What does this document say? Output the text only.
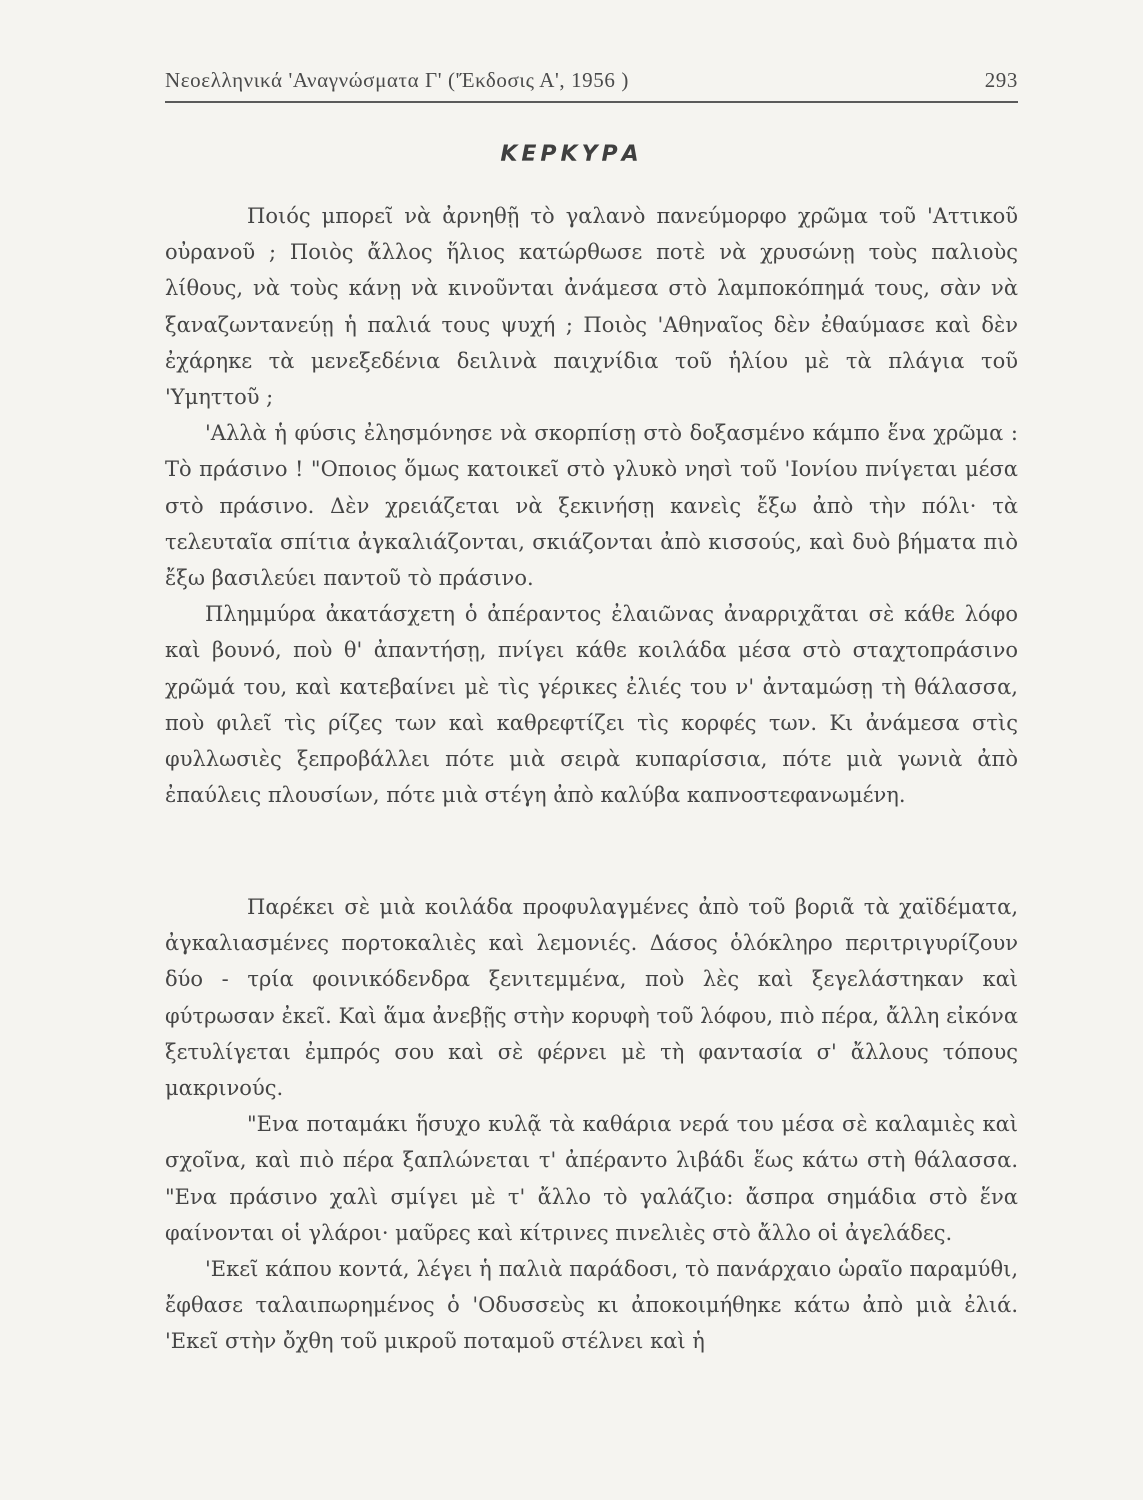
Νεοελληνικά 'Αναγνώσματα Γ' ('Έκδοσις Α', 1956 )	293
ΚΕΡΚΥΡΑ

Ποιός μπορεῖ νὰ ἀρνηθῇ τὸ γαλανὸ πανεύμορφο χρῶμα τοῦ 'Αττικοῦ οὐρανοῦ ; Ποιὸς ἄλλος ἥλιος κατώρθωσε ποτὲ νὰ χρυσώνῃ τοὺς παλιοὺς λίθους, νὰ τοὺς κάνῃ νὰ κινοῦνται ἀνάμεσα στὸ λαμποκόπημά τους, σὰν νὰ ξαναζωντανεύῃ ἡ παλιά τους ψυχή ; Ποιὸς 'Αθηναῖος δὲν ἐθαύμασε καὶ δὲν ἐχάρηκε τὰ μενεξεδένια δειλινὰ παιχνίδια τοῦ ἡλίου μὲ τὰ πλάγια τοῦ 'Υμηττοῦ ;

'Αλλὰ ἡ φύσις ἐλησμόνησε νὰ σκορπίσῃ στὸ δοξασμένο κάμπο ἕνα χρῶμα : Τὸ πράσινο ! "Οποιος ὅμως κατοικεῖ στὸ γλυκὸ νησὶ τοῦ 'Ιονίου πνίγεται μέσα στὸ πράσινο. Δὲν χρειάζεται νὰ ξεκινήσῃ κανεὶς ἔξω ἀπὸ τὴν πόλι· τὰ τελευταῖα σπίτια ἀγκαλιάζονται, σκιάζονται ἀπὸ κισσούς, καὶ δυὸ βήματα πιὸ ἔξω βασιλεύει παντοῦ τὸ πράσινο.

Πλημμύρα ἀκατάσχετη ὁ ἀπέραντος ἐλαιῶνας ἀναρριχᾶται σὲ κάθε λόφο καὶ βουνό, ποὺ θ' ἀπαντήσῃ, πνίγει κάθε κοιλάδα μέσα στὸ σταχτοπράσινο χρῶμά του, καὶ κατεβαίνει μὲ τὶς γέρικες ἐλιές του ν' ἀνταμώσῃ τὴ θάλασσα, ποὺ φιλεῖ τὶς ρίζες των καὶ καθρεφτίζει τὶς κορφές των. Κι ἀνάμεσα στὶς φυλλωσιὲς ξεπροβάλλει πότε μιὰ σειρὰ κυπαρίσσια, πότε μιὰ γωνιὰ ἀπὸ ἐπαύλεις πλουσίων, πότε μιὰ στέγη ἀπὸ καλύβα καπνοστεφανωμένη.

Παρέκει σὲ μιὰ κοιλάδα προφυλαγμένες ἀπὸ τοῦ βοριᾶ τὰ χαϊδέματα, ἀγκαλιασμένες πορτοκαλιὲς καὶ λεμονιές. Δάσος ὁλόκληρο περιτριγυρίζουν δύο - τρία φοινικόδενδρα ξενιτεμμένα, ποὺ λὲς καὶ ξεγελάστηκαν καὶ φύτρωσαν ἐκεῖ. Καὶ ἅμα ἀνεβῇς στὴν κορυφὴ τοῦ λόφου, πιὸ πέρα, ἄλλη εἰκόνα ξετυλίγεται ἐμπρός σου καὶ σὲ φέρνει μὲ τὴ φαντασία σ' ἄλλους τόπους μακρινούς.

"Ενα ποταμάκι ἥσυχο κυλᾷ τὰ καθάρια νερά του μέσα σὲ καλαμιὲς καὶ σχοῖνα, καὶ πιὸ πέρα ξαπλώνεται τ' ἀπέραντο λιβάδι ἕως κάτω στὴ θάλασσα. "Ενα πράσινο χαλὶ σμίγει μὲ τ' ἄλλο τὸ γαλάζιο: ἄσπρα σημάδια στὸ ἕνα φαίνονται οἱ γλάροι· μαῦρες καὶ κίτρινες πινελιὲς στὸ ἄλλο οἱ ἀγελάδες.

'Εκεῖ κάπου κοντά, λέγει ἡ παλιὰ παράδοσι, τὸ πανάρχαιο ὡραῖο παραμύθι, ἔφθασε ταλαιπωρημένος ὁ 'Οδυσσεὺς κι ἀποκοιμήθηκε κάτω ἀπὸ μιὰ ἐλιά. 'Εκεῖ στὴν ὄχθη τοῦ μικροῦ ποταμοῦ στέλνει καὶ ἡ
